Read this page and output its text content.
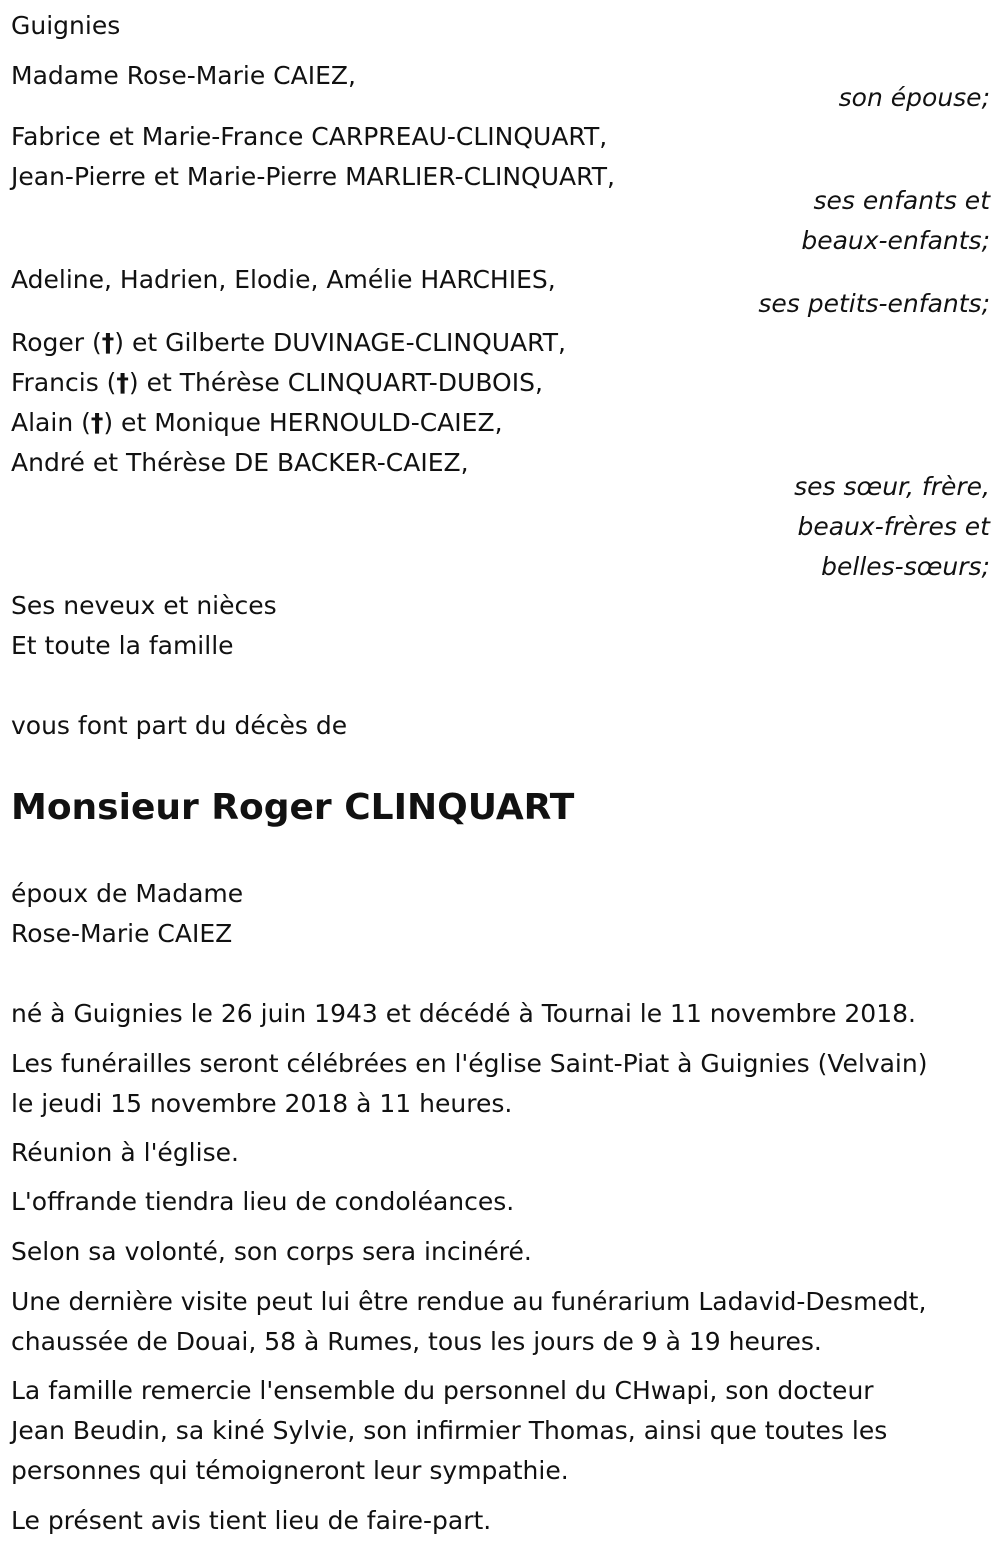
Guignies
Madame Rose-Marie CAIEZ,
son épouse;
Fabrice et Marie-France CARPREAU-CLINQUART,
Jean-Pierre et Marie-Pierre MARLIER-CLINQUART,
ses enfants et
beaux-enfants;
Adeline, Hadrien, Elodie, Amélie HARCHIES,
ses petits-enfants;
Roger (†) et Gilberte DUVINAGE-CLINQUART,
Francis (†) et Thérèse CLINQUART-DUBOIS,
Alain (†) et Monique HERNOULD-CAIEZ,
André et Thérèse DE BACKER-CAIEZ,
ses sœur, frère,
beaux-frères et
belles-sœurs;
Ses neveux et nièces
Et toute la famille
vous font part du décès de
Monsieur Roger CLINQUART
époux de Madame
Rose-Marie CAIEZ
né à Guignies le 26 juin 1943 et décédé à Tournai le 11 novembre 2018.
Les funérailles seront célébrées en l'église Saint-Piat à Guignies (Velvain)
le jeudi 15 novembre 2018 à 11 heures.
Réunion à l'église.
L'offrande tiendra lieu de condoléances.
Selon sa volonté, son corps sera incinéré.
Une dernière visite peut lui être rendue au funérarium Ladavid-Desmedt,
chaussée de Douai, 58 à Rumes, tous les jours de 9 à 19 heures.
La famille remercie l'ensemble du personnel du CHwapi, son docteur
Jean Beudin, sa kiné Sylvie, son infirmier Thomas, ainsi que toutes les
personnes qui témoigneront leur sympathie.
Le présent avis tient lieu de faire-part.
